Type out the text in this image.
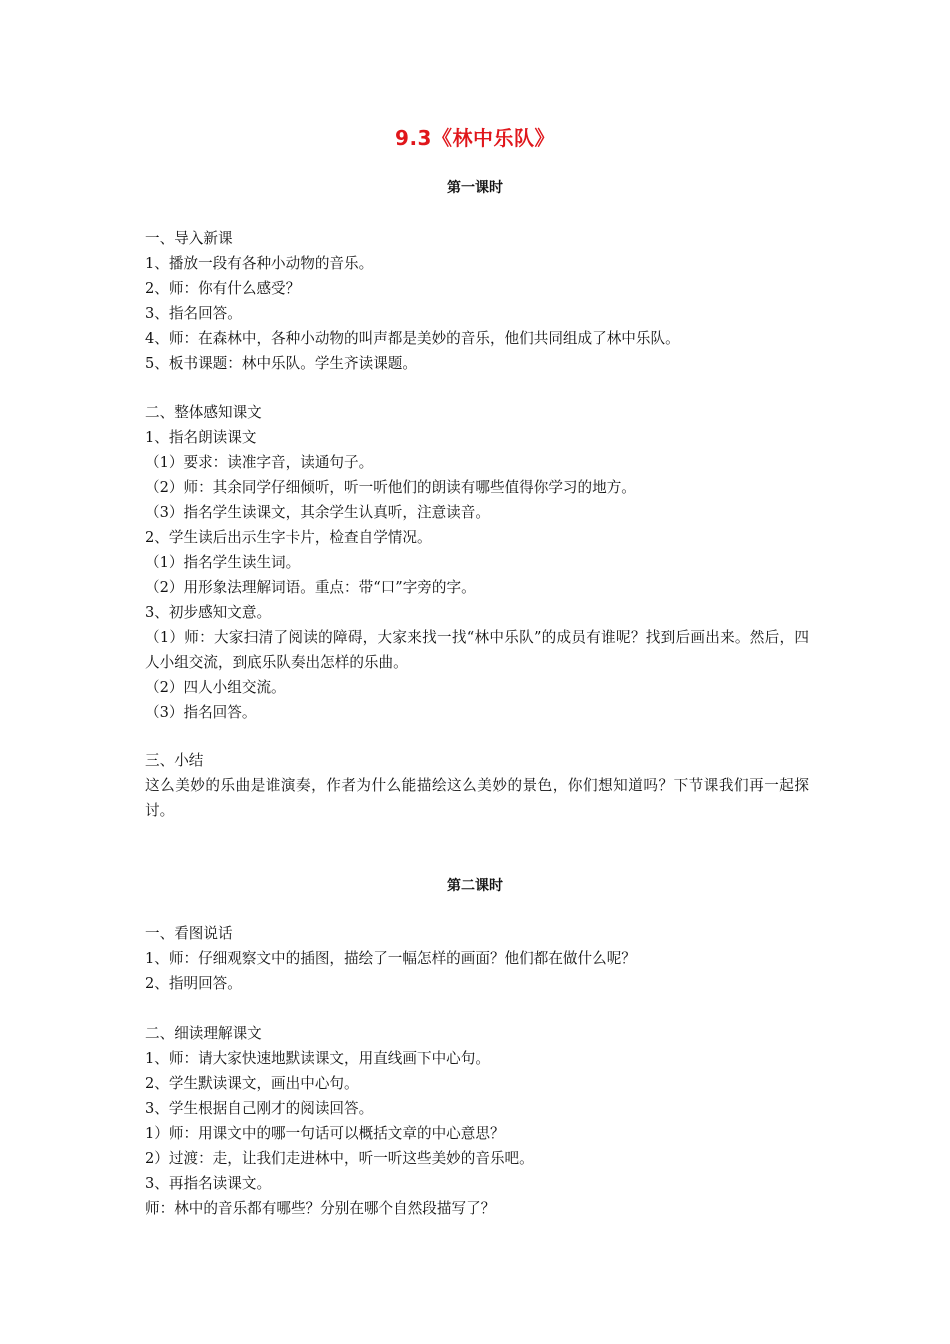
9.3《林中乐队》
第一课时
一、导入新课
1、播放一段有各种小动物的音乐。
2、师：你有什么感受？
3、指名回答。
4、师：在森林中，各种小动物的叫声都是美妙的音乐，他们共同组成了林中乐队。
5、板书课题：林中乐队。学生齐读课题。
二、整体感知课文
1、指名朗读课文
（1）要求：读准字音，读通句子。
（2）师：其余同学仔细倾听，听一听他们的朗读有哪些值得你学习的地方。
（3）指名学生读课文，其余学生认真听，注意读音。
2、学生读后出示生字卡片，检查自学情况。
（1）指名学生读生词。
（2）用形象法理解词语。重点：带“口”字旁的字。
3、初步感知文意。
（1）师：大家扫清了阅读的障碍，大家来找一找“林中乐队”的成员有谁呢？找到后画出来。然后，四人小组交流，到底乐队奏出怎样的乐曲。
（2）四人小组交流。
（3）指名回答。
三、小结
这么美妙的乐曲是谁演奏，作者为什么能描绘这么美妙的景色，你们想知道吗？下节课我们再一起探讨。
第二课时
一、看图说话
1、师：仔细观察文中的插图，描绘了一幅怎样的画面？他们都在做什么呢？
2、指明回答。
二、细读理解课文
1、师：请大家快速地默读课文，用直线画下中心句。
2、学生默读课文，画出中心句。
3、学生根据自己刚才的阅读回答。
1）师：用课文中的哪一句话可以概括文章的中心意思？
2）过渡：走，让我们走进林中，听一听这些美妙的音乐吧。
3、再指名读课文。
师：林中的音乐都有哪些？分别在哪个自然段描写了？
